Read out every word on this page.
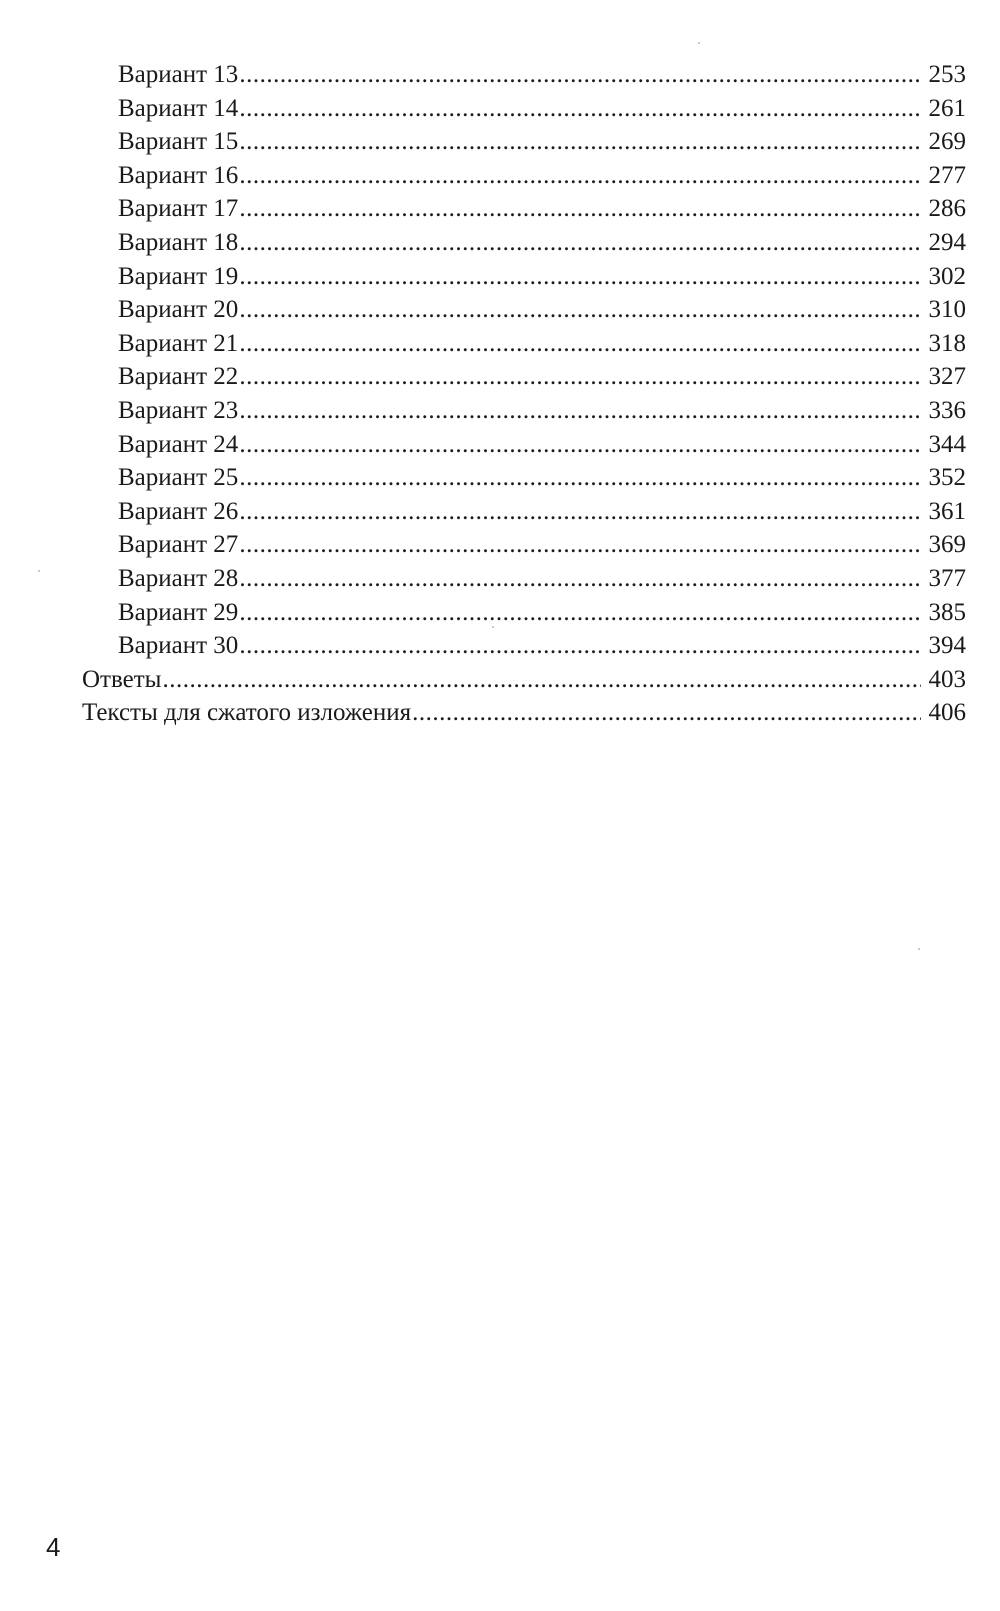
Вариант 13 .....	253
Вариант 14 .....	261
Вариант 15 .....	269
Вариант 16 .....	277
Вариант 17 .....	286
Вариант 18 .....	294
Вариант 19 .....	302
Вариант 20 .....	310
Вариант 21 .....	318
Вариант 22 .....	327
Вариант 23 .....	336
Вариант 24 .....	344
Вариант 25 .....	352
Вариант 26 .....	361
Вариант 27 .....	369
Вариант 28 .....	377
Вариант 29 .....	385
Вариант 30 .....	394
Ответы .....	403
Тексты для сжатого изложения .....	406
4
